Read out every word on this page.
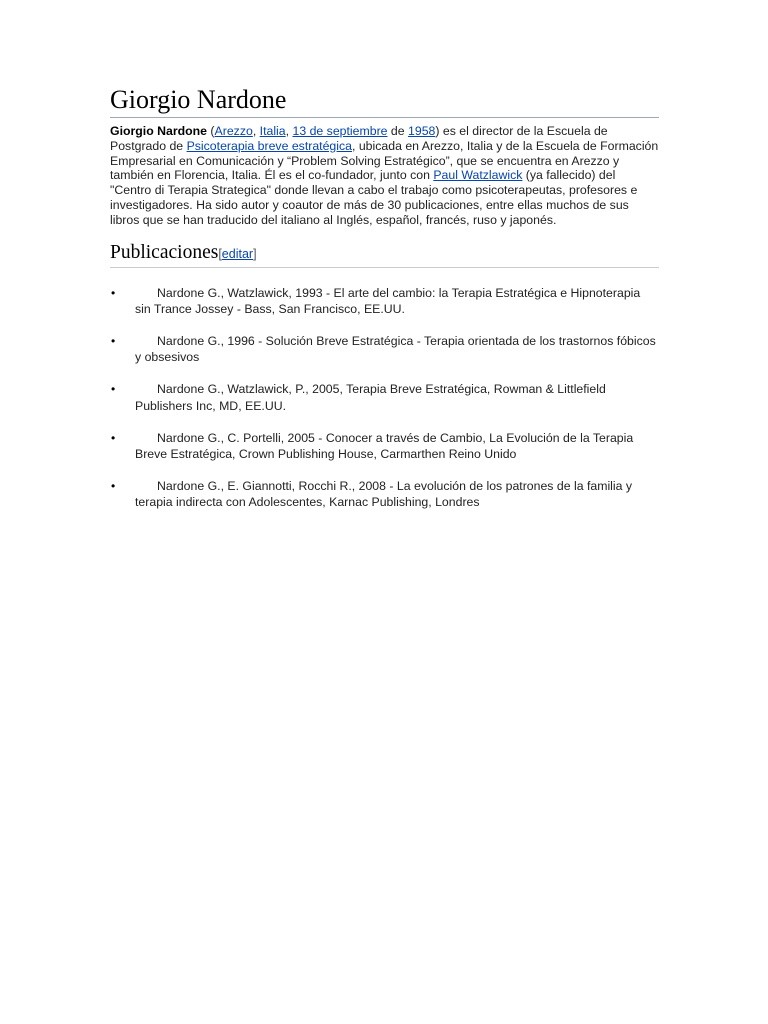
Giorgio Nardone

Giorgio Nardone (Arezzo, Italia, 13 de septiembre de 1958) es el director de la Escuela de Postgrado de Psicoterapia breve estratégica, ubicada en Arezzo, Italia y de la Escuela de Formación Empresarial en Comunicación y “Problem Solving Estratégico”, que se encuentra en Arezzo y también en Florencia, Italia. Él es el co-fundador, junto con Paul Watzlawick (ya fallecido) del "Centro di Terapia Strategica" donde llevan a cabo el trabajo como psicoterapeutas, profesores e investigadores. Ha sido autor y coautor de más de 30 publicaciones, entre ellas muchos de sus libros que se han traducido del italiano al Inglés, español, francés, ruso y japonés.

Publicaciones[editar]
•	Nardone G., Watzlawick, 1993 - El arte del cambio: la Terapia Estratégica e Hipnoterapia sin Trance Jossey - Bass, San Francisco, EE.UU.
•	Nardone G., 1996 - Solución Breve Estratégica - Terapia orientada de los trastornos fóbicos y obsesivos
•	Nardone G., Watzlawick, P., 2005, Terapia Breve Estratégica, Rowman & Littlefield Publishers Inc, MD, EE.UU.
•	Nardone G., C. Portelli, 2005 - Conocer a través de Cambio, La Evolución de la Terapia Breve Estratégica, Crown Publishing House, Carmarthen Reino Unido
•	Nardone G., E. Giannotti, Rocchi R., 2008 - La evolución de los patrones de la familia y terapia indirecta con Adolescentes, Karnac Publishing, Londres
